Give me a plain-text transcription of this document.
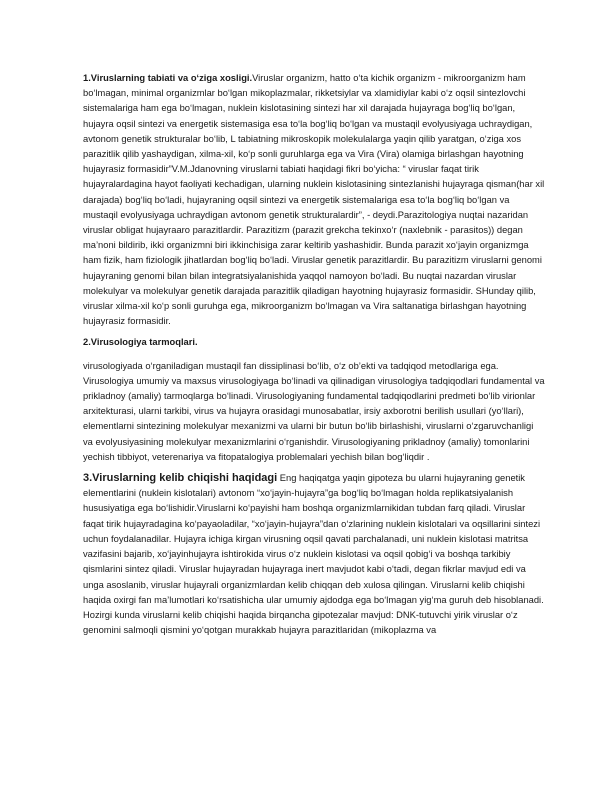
1.Viruslarning tabiati va o‘ziga xosligi.Viruslar organizm, hatto o‘ta kichik organizm - mikroorganizm ham bo‘lmagan, minimal organizmlar bo‘lgan mikoplazmalar, rikketsiylar va xlamidiylar kabi o‘z oqsil sintezlovchi sistemalariga ham ega bo‘lmagan, nuklein kislotasining sintezi har xil darajada hujayraga bog‘liq bo‘lgan, hujayra oqsil sintezi va energetik sistemasiga esa to‘la bog‘liq bo‘lgan va mustaqil evolyusiyaga uchraydigan, avtonom genetik strukturalar bo‘lib, L tabiatning mikroskopik molekulalarga yaqin qilib yaratgan, o‘ziga xos parazitlik qilib yashaydigan, xilma-xil, ko‘p sonli guruhlarga ega va Vira (Vira) olamiga birlashgan hayotning hujayrasiz formasidir”V.M.Jdanovning viruslarni tabiati haqidagi fikri bo‘yicha: “ viruslar faqat tirik hujayralardagina hayot faoliyati kechadigan, ularning nuklein kislotasining sintezlanishi hujayraga qisman(har xil darajada) bog‘liq bo‘ladi, hujayraning oqsil sintezi va energetik sistemalariga esa to‘la bog‘liq bo‘lgan va mustaqil evolyusiyaga uchraydigan avtonom genetik strukturalardir”, - deydi.Parazitologiya nuqtai nazaridan viruslar obligat hujayraaro parazitlardir. Parazitizm (parazit grekcha tekinxo‘r (naxlebnik - parasitos)) degan ma’noni bildirib, ikki organizmni biri ikkinchisiga zarar keltirib yashashidir. Bunda parazit xo‘jayin organizmga ham fizik, ham fiziologik jihatlardan bog‘liq bo‘ladi. Viruslar genetik parazitlardir. Bu parazitizm viruslarni genomi hujayraning genomi bilan bilan integratsiyalanishida yaqqol namoyon bo‘ladi. Bu nuqtai nazardan viruslar molekulyar va molekulyar genetik darajada parazitlik qiladigan hayotning hujayrasiz formasidir. SHunday qilib, viruslar xilma-xil ko‘p sonli guruhga ega, mikroorganizm bo‘lmagan va Vira saltanatiga birlashgan hayotning hujayrasiz formasidir.

2.Virusologiya tarmoqlari.

virusologiyada o‘rganiladigan mustaqil fan dissiplinasi bo‘lib, o‘z ob’ekti va tadqiqod metodlariga ega. Virusologiya umumiy va maxsus virusologiyaga bo‘linadi va qilinadigan virusologiya tadqiqodlari fundamental va prikladnoy (amaliy) tarmoqlarga bo‘linadi. Virusologiyaning fundamental tadqiqodlarini predmeti bo‘lib virionlar arxitekturasi, ularni tarkibi, virus va hujayra orasidagi munosabatlar, irsiy axborotni berilish usullari (yo‘llari), elementlarni sintezining molekulyar mexanizmi va ularni bir butun bo‘lib birlashishi, viruslarni o‘zgaruvchanligi va evolyusiyasining molekulyar mexanizmlarini o‘rganishdir. Virusologiyaning prikladnoy (amaliy) tomonlarini yechish tibbiyot, veterenariya va fitopatalogiya problemalari yechish bilan bog‘liqdir .

3.Viruslarning kelib chiqishi haqidagi Eng haqiqatga yaqin gipoteza bu ularni hujayraning genetik elementlarini (nuklein kislotalari) avtonom “xo‘jayin-hujayra”ga bog‘liq bo‘lmagan holda replikatsiyalanish hususiyatiga ega bo‘lishidir.Viruslarni ko‘payishi ham boshqa organizmlarnikidan tubdan farq qiladi. Viruslar faqat tirik hujayradagina ko‘payaoladilar, “xo‘jayin-hujayra”dan o‘zlarining nuklein kislotalari va oqsillarini sintezi uchun foydalanadilar. Hujayra ichiga kirgan virusning oqsil qavati parchalanadi, uni nuklein kislotasi matritsa vazifasini bajarib, xo‘jayinhujayra ishtirokida virus o‘z nuklein kislotasi va oqsil qobig‘i va boshqa tarkibiy qismlarini sintez qiladi. Viruslar hujayradan hujayraga inert mavjudot kabi o‘tadi, degan fikrlar mavjud edi va unga asoslanib, viruslar hujayrali organizmlardan kelib chiqqan deb xulosa qilingan. Viruslarni kelib chiqishi haqida oxirgi fan ma’lumotlari ko‘rsatishicha ular umumiy ajdodga ega bo‘lmagan yig‘ma guruh deb hisoblanadi. Hozirgi kunda viruslarni kelib chiqishi haqida birqancha gipotezalar mavjud: DNK-tutuvchi yirik viruslar o‘z genomini salmoqli qismini yo‘qotgan murakkab hujayra parazitlaridan (mikoplazma va
